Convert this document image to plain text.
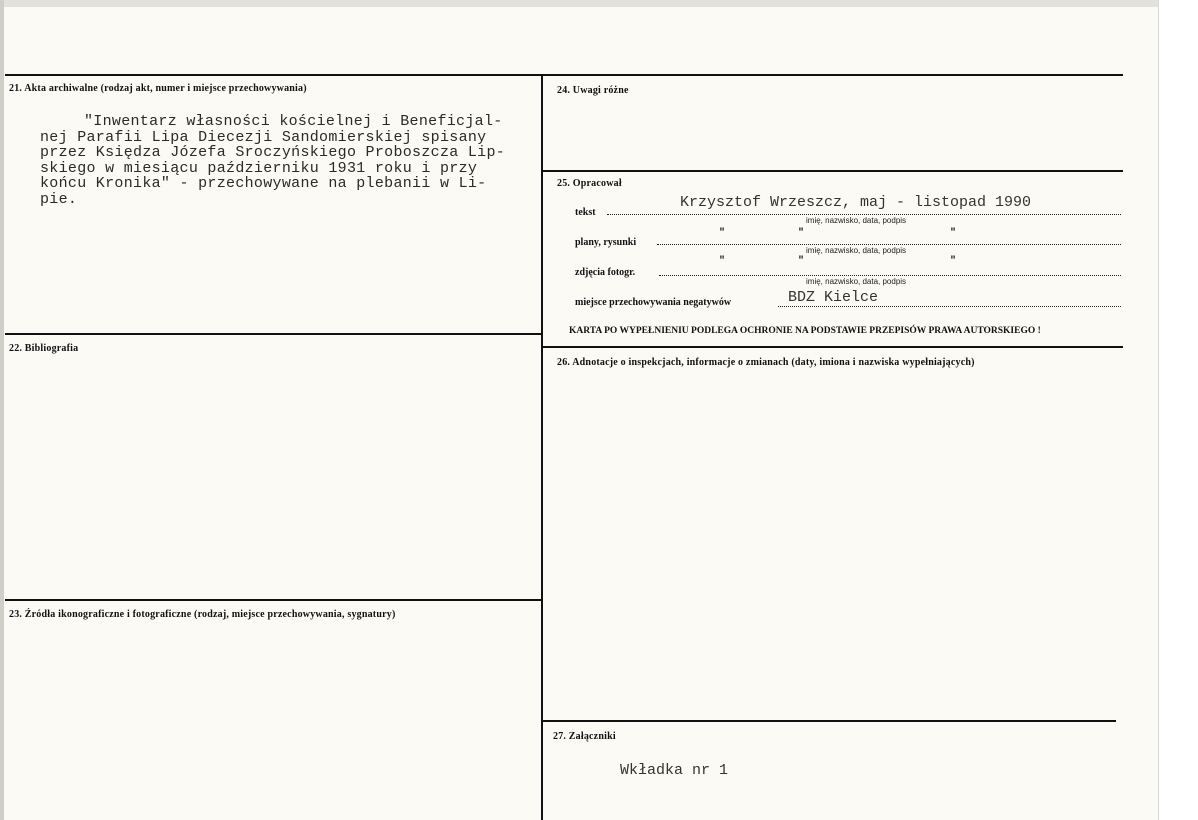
21. Akta archiwalne (rodzaj akt, numer i miejsce przechowywania)
"Inwentarz własności kościelnej i Beneficjal-
nej Parafii Lipa Diecezji Sandomierskiej spisany
przez Księdza Józefa Sroczyńskiego Proboszcza Lip-
skiego w miesiącu październiku 1931 roku i przy
końcu Kronika" - przechowywane na plebanii w Li-
pie.
22. Bibliografia
23. Źródła ikonograficzne i fotograficzne (rodzaj, miejsce przechowywania, sygnatury)
24. Uwagi różne
25. Opracował
tekst
Krzysztof Wrzeszcz, maj - listopad 1990
imię, nazwisko, data, podpis
plany, rysunki
"	"	"
imię, nazwisko, data, podpis
zdjęcia fotogr.
"	"	"
imię, nazwisko, data, podpis
miejsce przechowywania negatywów	BDZ Kielce
KARTA PO WYPEŁNIENIU PODLEGA OCHRONIE NA PODSTAWIE PRZEPISÓW PRAWA AUTORSKIEGO !
26. Adnotacje o inspekcjach, informacje o zmianach (daty, imiona i nazwiska wypełniających)
27. Załączniki
Wkładka nr 1
